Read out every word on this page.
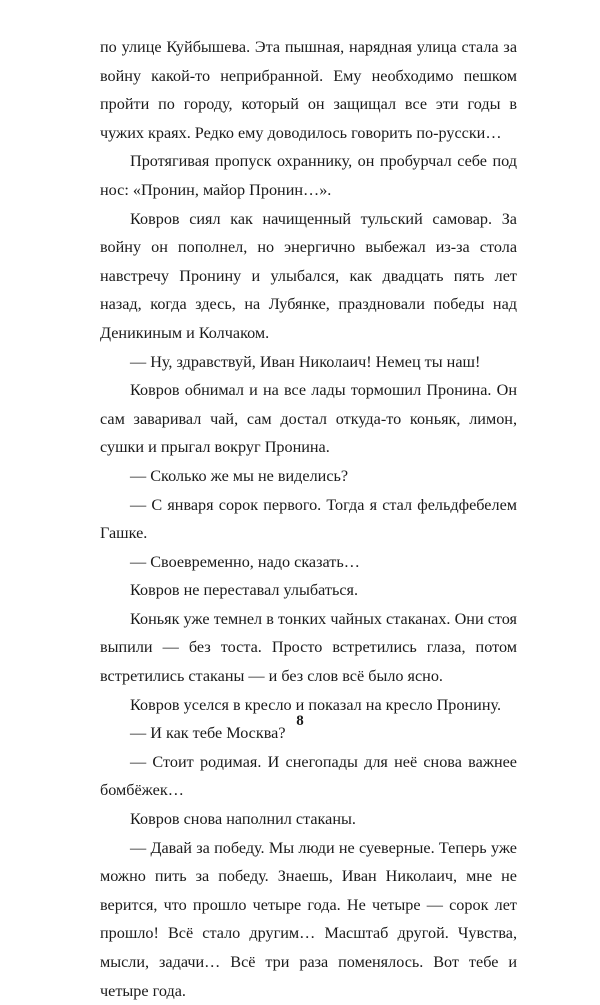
по улице Куйбышева. Эта пышная, нарядная улица стала за войну какой-то неприбранной. Ему необходимо пешком пройти по городу, который он защищал все эти годы в чужих краях. Редко ему доводилось говорить по-русски…

Протягивая пропуск охраннику, он пробурчал себе под нос: «Пронин, майор Пронин…».

Ковров сиял как начищенный тульский самовар. За войну он пополнел, но энергично выбежал из-за стола навстречу Пронину и улыбался, как двадцать пять лет назад, когда здесь, на Лубянке, праздновали победы над Деникиным и Колчаком.

— Ну, здравствуй, Иван Николаич! Немец ты наш!

Ковров обнимал и на все лады тормошил Пронина. Он сам заваривал чай, сам достал откуда-то коньяк, лимон, сушки и прыгал вокруг Пронина.

— Сколько же мы не виделись?

— С января сорок первого. Тогда я стал фельдфебелем Гашке.

— Своевременно, надо сказать…

Ковров не переставал улыбаться.

Коньяк уже темнел в тонких чайных стаканах. Они стоя выпили — без тоста. Просто встретились глаза, потом встретились стаканы — и без слов всё было ясно.

Ковров уселся в кресло и показал на кресло Пронину.

— И как тебе Москва?

— Стоит родимая. И снегопады для неё снова важнее бомбёжек…

Ковров снова наполнил стаканы.

— Давай за победу. Мы люди не суеверные. Теперь уже можно пить за победу. Знаешь, Иван Николаич, мне не верится, что прошло четыре года. Не четыре — сорок лет прошло! Всё стало другим… Масштаб другой. Чувства, мысли, задачи… Всё три раза поменялось. Вот тебе и четыре года.

8
